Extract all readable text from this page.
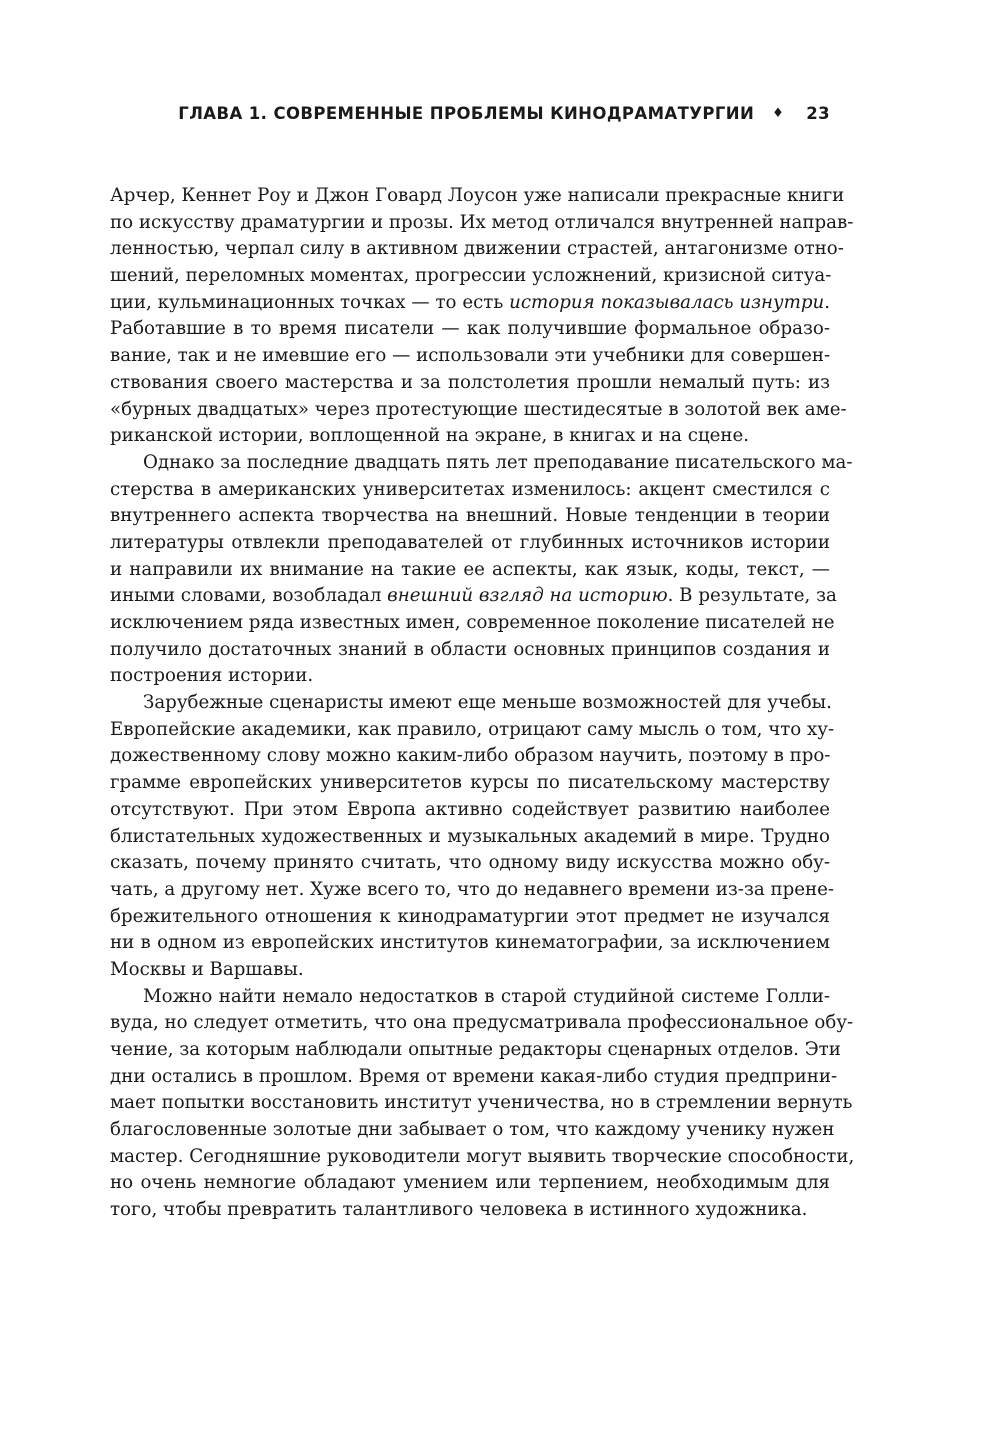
ГЛАВА 1. СОВРЕМЕННЫЕ ПРОБЛЕМЫ КИНОДРАМАТУРГИИ ♦ 23
Арчер, Кеннет Роу и Джон Говард Лоусон уже написали прекрасные книги
по искусству драматургии и прозы. Их метод отличался внутренней направ-
ленностью, черпал силу в активном движении страстей, антагонизме отно-
шений, переломных моментах, прогрессии усложнений, кризисной ситуа-
ции, кульминационных точках — то есть история показывалась изнутри.
Работавшие в то время писатели — как получившие формальное образо-
вание, так и не имевшие его — использовали эти учебники для совершен-
ствования своего мастерства и за полстолетия прошли немалый путь: из
«бурных двадцатых» через протестующие шестидесятые в золотой век аме-
риканской истории, воплощенной на экране, в книгах и на сцене.
Однако за последние двадцать пять лет преподавание писательского ма-
стерства в американских университетах изменилось: акцент сместился с
внутреннего аспекта творчества на внешний. Новые тенденции в теории
литературы отвлекли преподавателей от глубинных источников истории
и направили их внимание на такие ее аспекты, как язык, коды, текст, —
иными словами, возобладал внешний взгляд на историю. В результате, за
исключением ряда известных имен, современное поколение писателей не
получило достаточных знаний в области основных принципов создания и
построения истории.
Зарубежные сценаристы имеют еще меньше возможностей для учебы.
Европейские академики, как правило, отрицают саму мысль о том, что ху-
дожественному слову можно каким-либо образом научить, поэтому в про-
грамме европейских университетов курсы по писательскому мастерству
отсутствуют. При этом Европа активно содействует развитию наиболее
блистательных художественных и музыкальных академий в мире. Трудно
сказать, почему принято считать, что одному виду искусства можно обу-
чать, а другому нет. Хуже всего то, что до недавнего времени из-за прене-
брежительного отношения к кинодраматургии этот предмет не изучался
ни в одном из европейских институтов кинематографии, за исключением
Москвы и Варшавы.
Можно найти немало недостатков в старой студийной системе Голли-
вуда, но следует отметить, что она предусматривала профессиональное обу-
чение, за которым наблюдали опытные редакторы сценарных отделов. Эти
дни остались в прошлом. Время от времени какая-либо студия предприни-
мает попытки восстановить институт ученичества, но в стремлении вернуть
благословенные золотые дни забывает о том, что каждому ученику нужен
мастер. Сегодняшние руководители могут выявить творческие способности,
но очень немногие обладают умением или терпением, необходимым для
того, чтобы превратить талантливого человека в истинного художника.
